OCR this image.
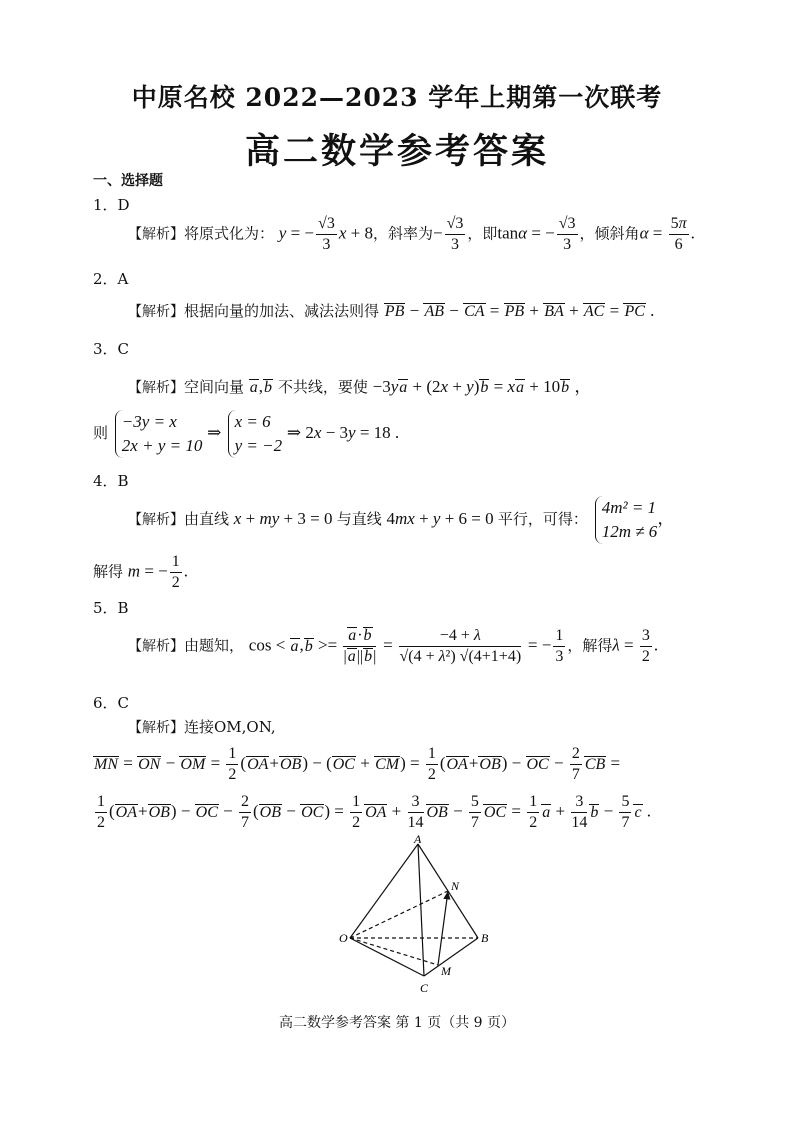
中原名校 2022—2023 学年上期第一次联考
高二数学参考答案
一、选择题
1．D
【解析】将原式化为： y = − $\frac{√3}{3}$ x + 8，斜率为− $\frac{√3}{3}$ ，即tanα = − $\frac{√3}{3}$ ，倾斜角$\alpha = \frac{5\pi}{6}$ .
2．A
【解析】根据向量的加法、减法法则得 PB − AB − CA = PB + BA + AC = PC .
3．C
【解析】空间向量 a,b 不共线，要使 −3ya + (2x + y)b = xa + 10b ，
则
−3y = x
2x + y = 10
⇒
x = 6
y = −2
⇒ 2x − 3y = 18 .
4．B
【解析】由直线 x + my + 3 = 0 与直线 4mx + y + 6 = 0 平行，可得：
4m² = 1
12m ≠ 6
，
解得 m = − $\frac{1}{2}$ .
5．B
【解析】由题知， $\cos < a,b >= \frac{a\cdot b}{|a||b|} = \frac{-4 + \lambda}{\text{√(4 + λ²) √(4+1+4)}}$ = − $\frac{1}{3}$ ，解得$\lambda = \frac{3}{2}$ .
6．C
【解析】连接OM,ON,
MN = ON − OM = $\frac{1}{2} (OA+OB) - (OC + CM) = \frac{1}{2} (OA+OB)$ − OC − $\frac{2}{7}$ CB =
$\frac{1}{2} (OA+OB)$ − OC − $\frac{2}{7} (OB - OC) = \frac{1}{2}$ OA + $\frac{3}{14}$ OB − $\frac{5}{7}$ OC = $\frac{1}{2}$ $a + \frac{3}{14}$ $b - \frac{5}{7}$ c .
A
N
O	B
M
C
高二数学参考答案 第 1 页（共 9 页）
